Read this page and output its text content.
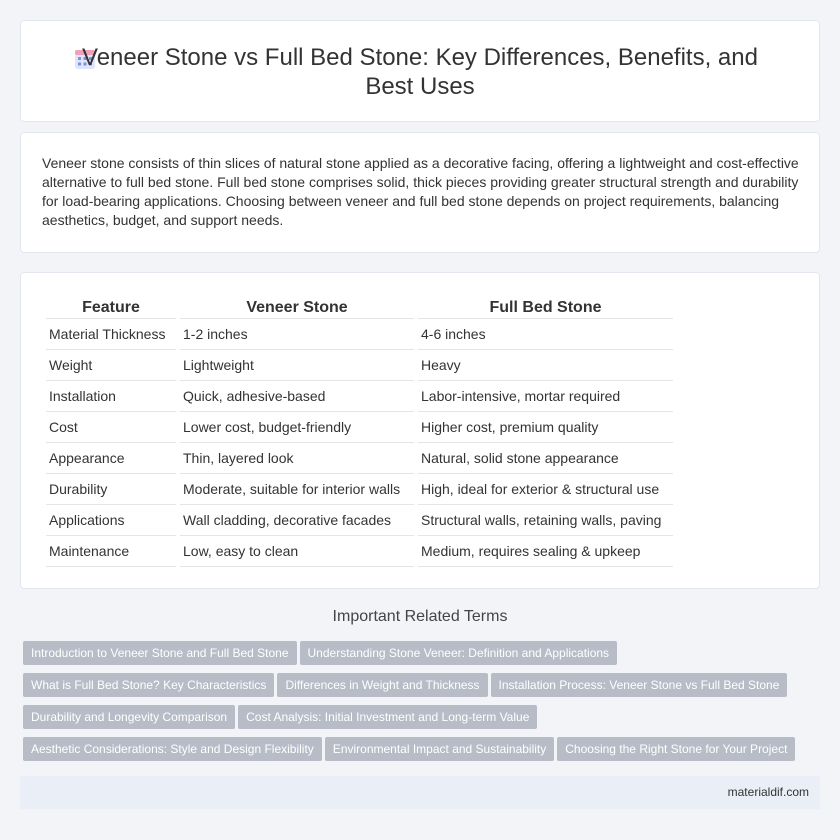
Veneer Stone vs Full Bed Stone: Key Differences, Benefits, and Best Uses

Veneer stone consists of thin slices of natural stone applied as a decorative facing, offering a lightweight and cost-effective alternative to full bed stone. Full bed stone comprises solid, thick pieces providing greater structural strength and durability for load-bearing applications. Choosing between veneer and full bed stone depends on project requirements, balancing aesthetics, budget, and support needs.

Feature	Veneer Stone	Full Bed Stone
Material Thickness	1-2 inches	4-6 inches
Weight	Lightweight	Heavy
Installation	Quick, adhesive-based	Labor-intensive, mortar required
Cost	Lower cost, budget-friendly	Higher cost, premium quality
Appearance	Thin, layered look	Natural, solid stone appearance
Durability	Moderate, suitable for interior walls	High, ideal for exterior & structural use
Applications	Wall cladding, decorative facades	Structural walls, retaining walls, paving
Maintenance	Low, easy to clean	Medium, requires sealing & upkeep
Important Related Terms
Introduction to Veneer Stone and Full Bed Stone Understanding Stone Veneer: Definition and Applications
What is Full Bed Stone? Key Characteristics Differences in Weight and Thickness Installation Process: Veneer Stone vs Full Bed Stone
Durability and Longevity Comparison Cost Analysis: Initial Investment and Long-term Value
Aesthetic Considerations: Style and Design Flexibility Environmental Impact and Sustainability Choosing the Right Stone for Your Project
materialdif.com
